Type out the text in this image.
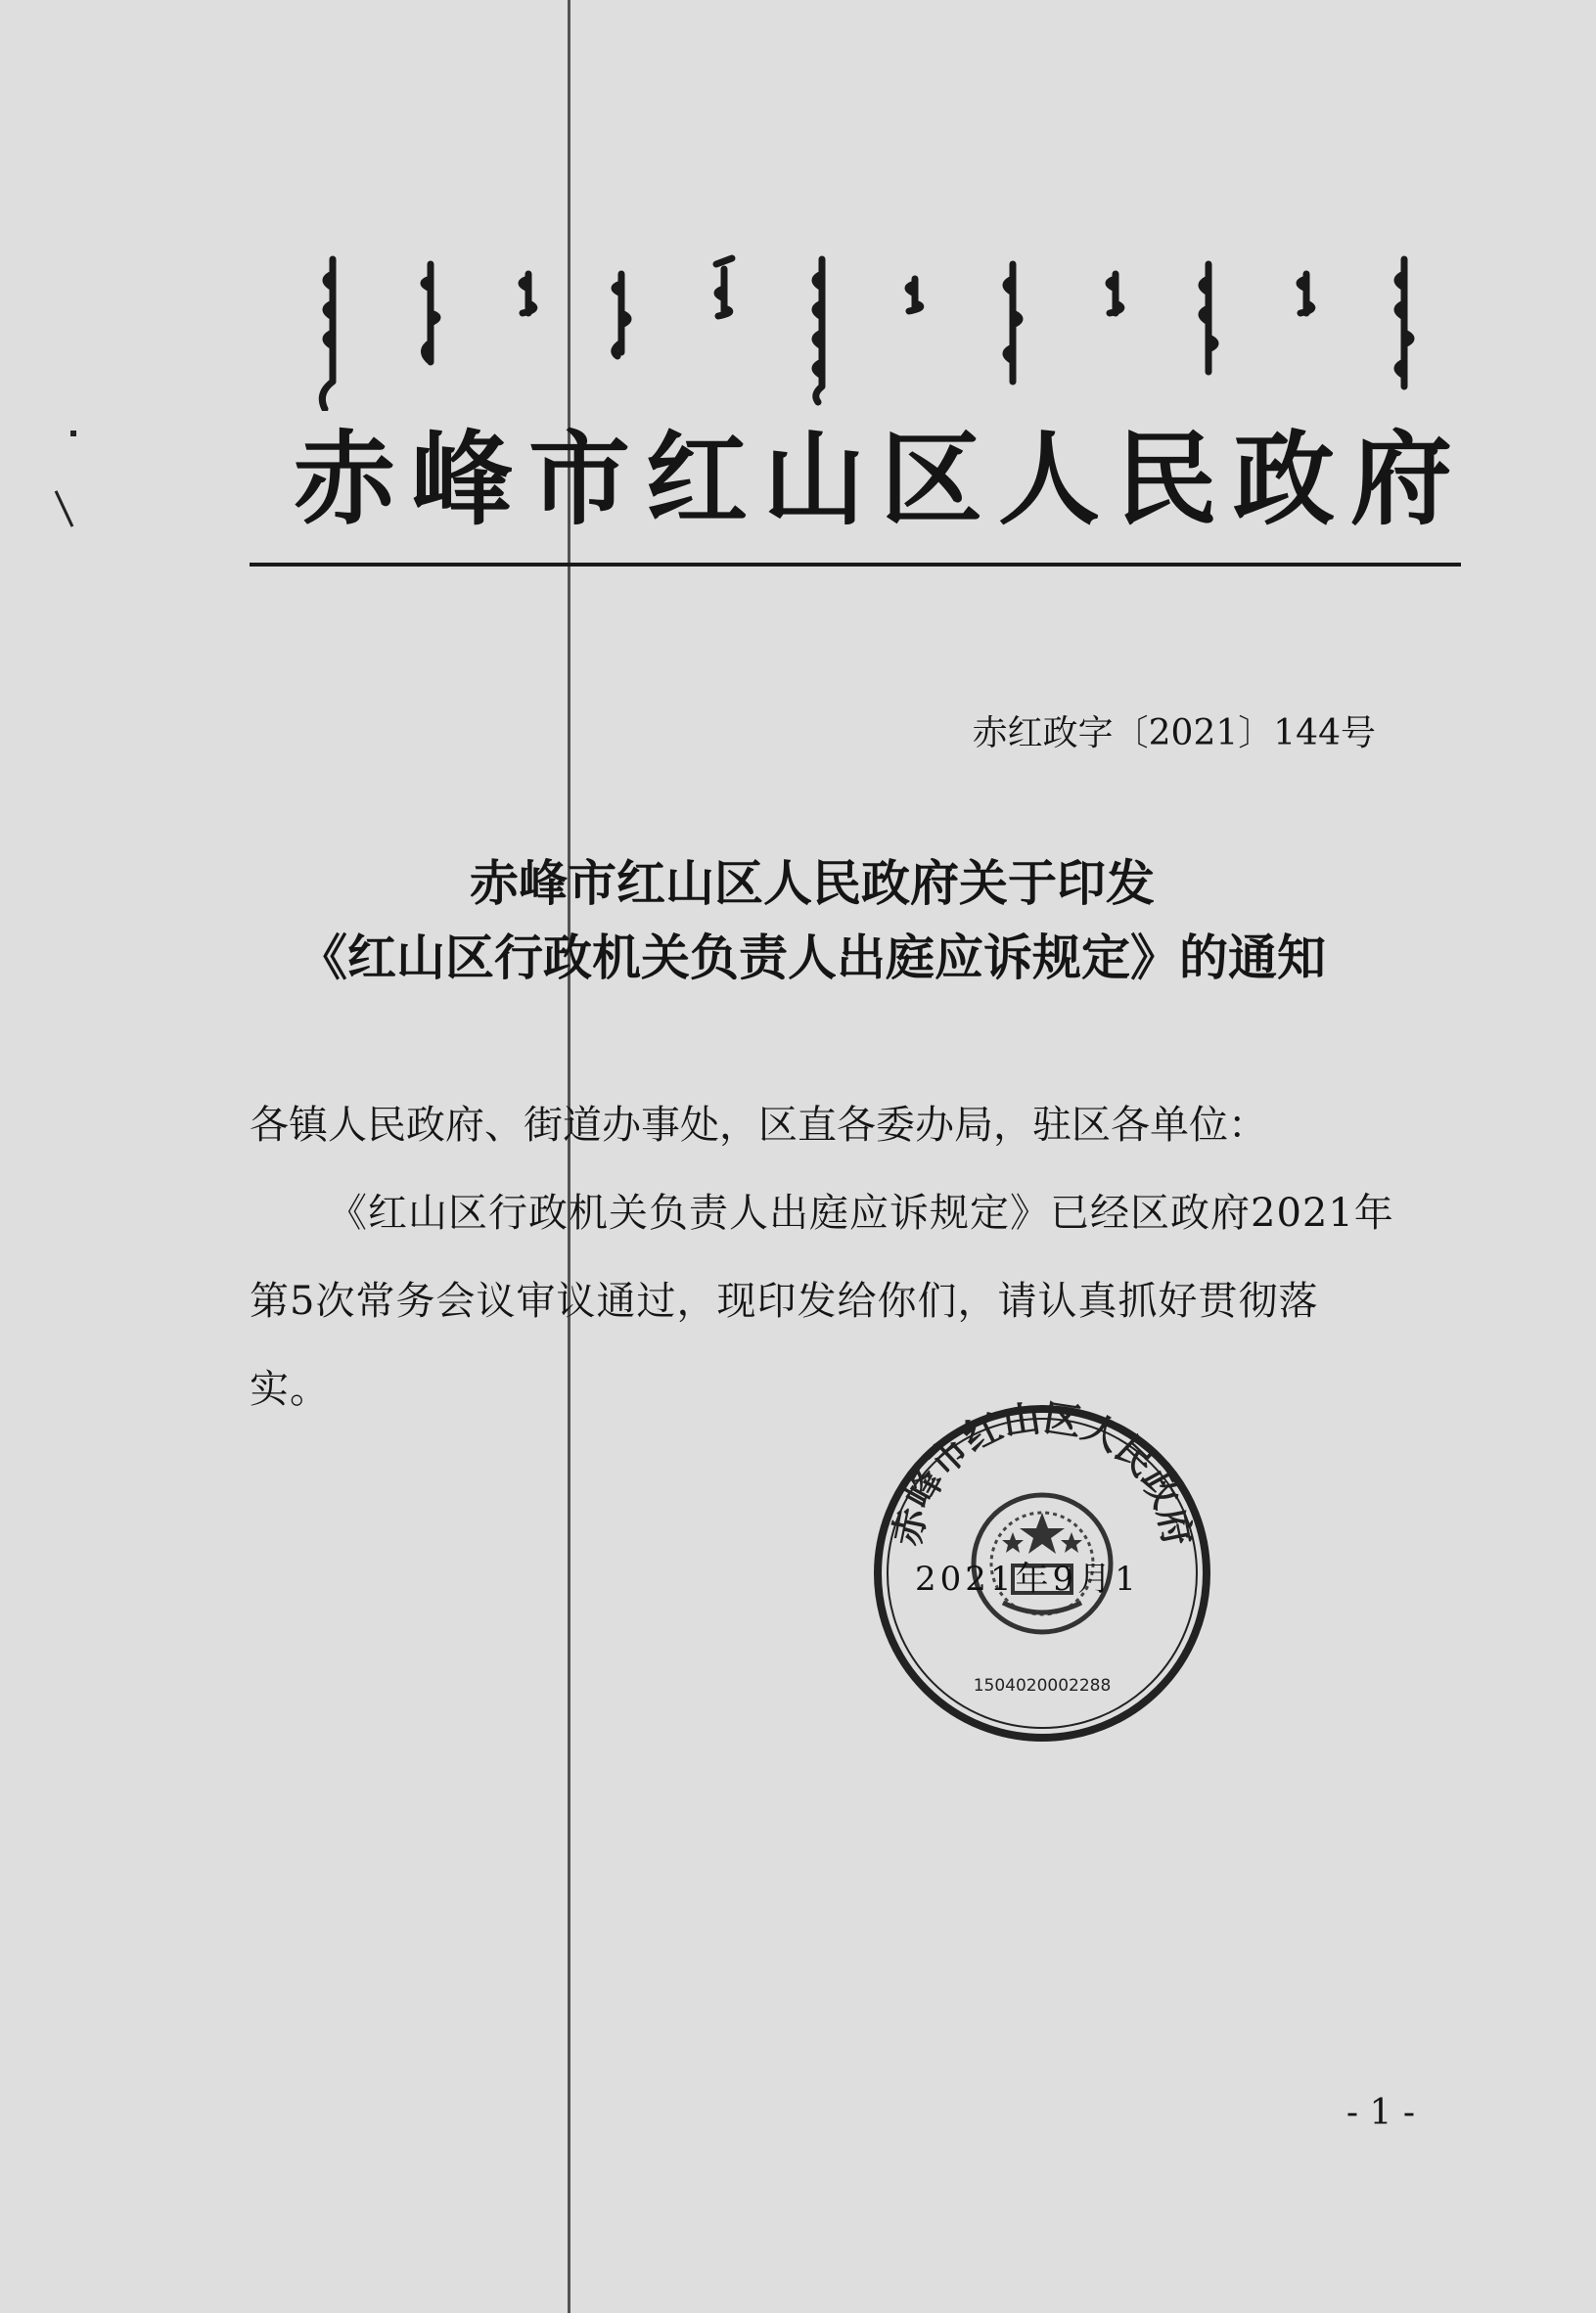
赤峰市红山区人民政府
赤红政字〔2021〕144号
赤峰市红山区人民政府关于印发
《红山区行政机关负责人出庭应诉规定》的通知
各镇人民政府、街道办事处，区直各委办局，驻区各单位：

《红山区行政机关负责人出庭应诉规定》已经区政府2021年第5次常务会议审议通过，现印发给你们，请认真抓好贯彻落实。

赤峰市红山区人民政府
1504020002288
2021年9月1
- 1 -
